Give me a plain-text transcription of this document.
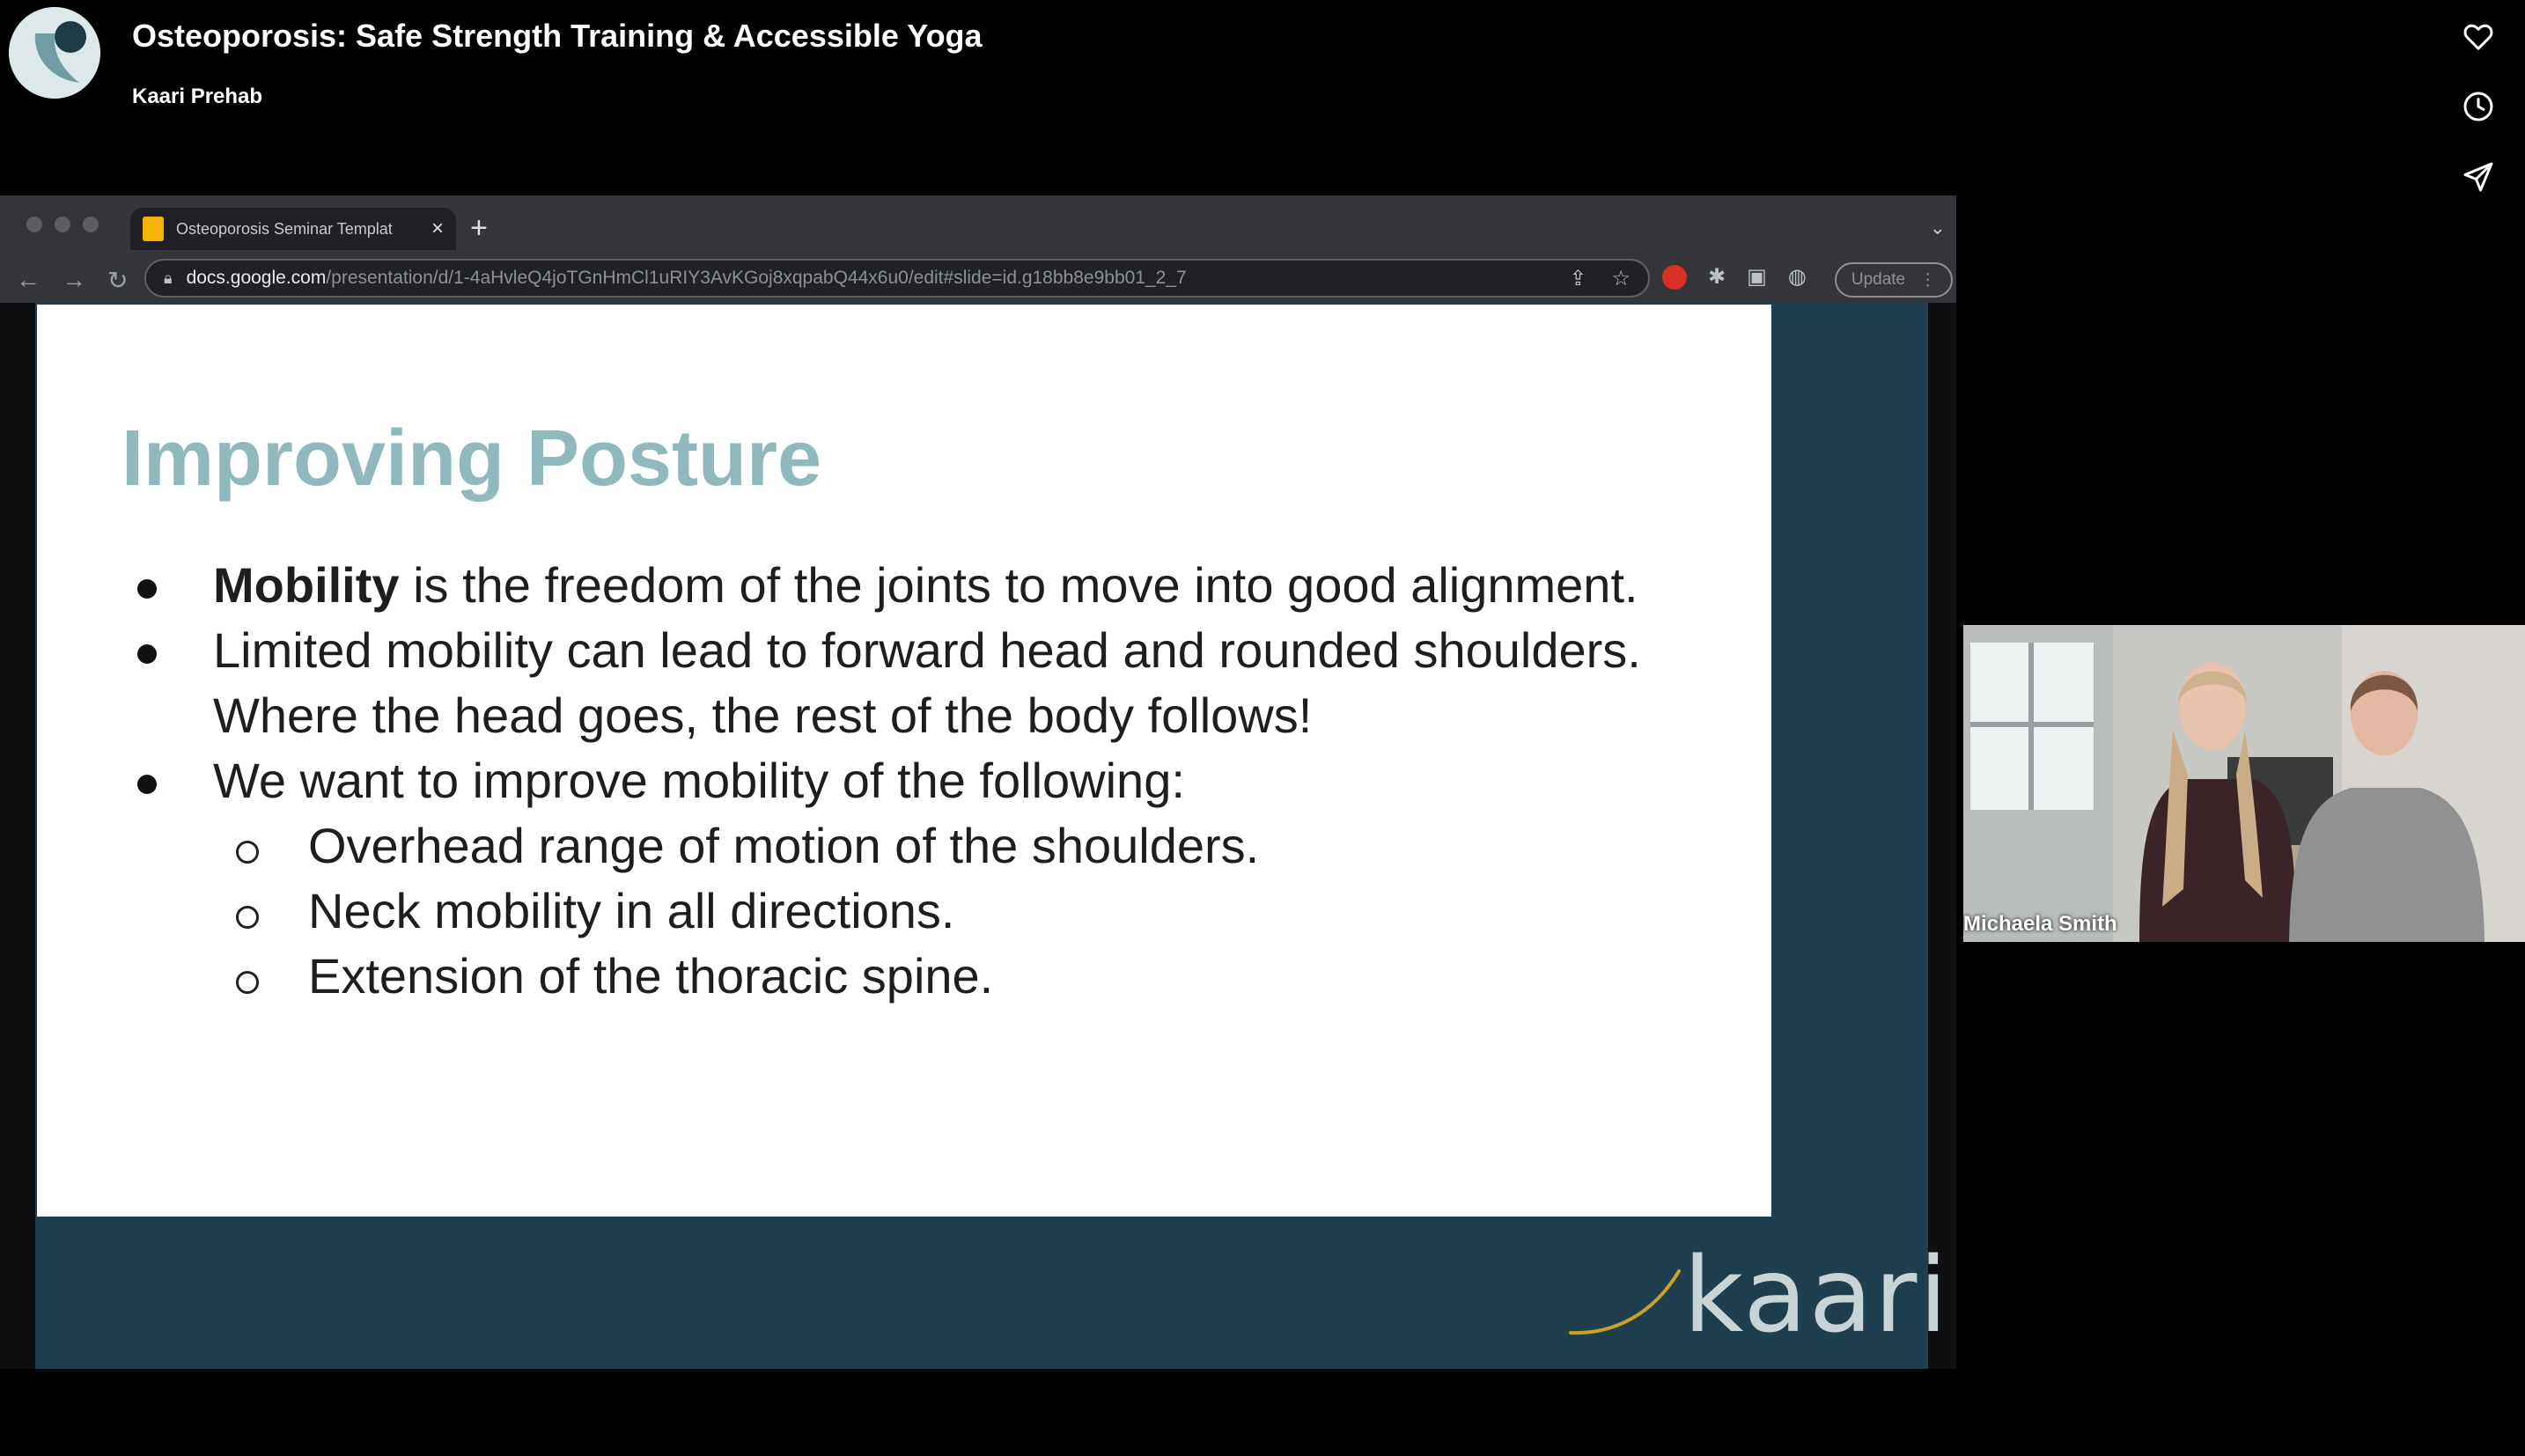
Osteoporosis: Safe Strength Training & Accessible Yoga
Kaari Prehab
Osteoporosis Seminar Templat	× +	⌄
← → ↻ 🔒︎ docs.google.com /presentation/d/1-4aHvleQ4joTGnHmCl1uRIY3AvKGoj8xqpabQ44x6u0/edit#slide=id.g18bb8e9bb01_2_7	⇪ ☆	✱ ▣ ◍	Update ⋮
Improving Posture
Mobility is the freedom of the joints to move into good alignment.
Limited mobility can lead to forward head and rounded shoulders. Where the head goes, the rest of the body follows!
We want to improve mobility of the following:
Overhead range of motion of the shoulders.
Neck mobility in all directions.
Extension of the thoracic spine.
kaari
Michaela Smith
